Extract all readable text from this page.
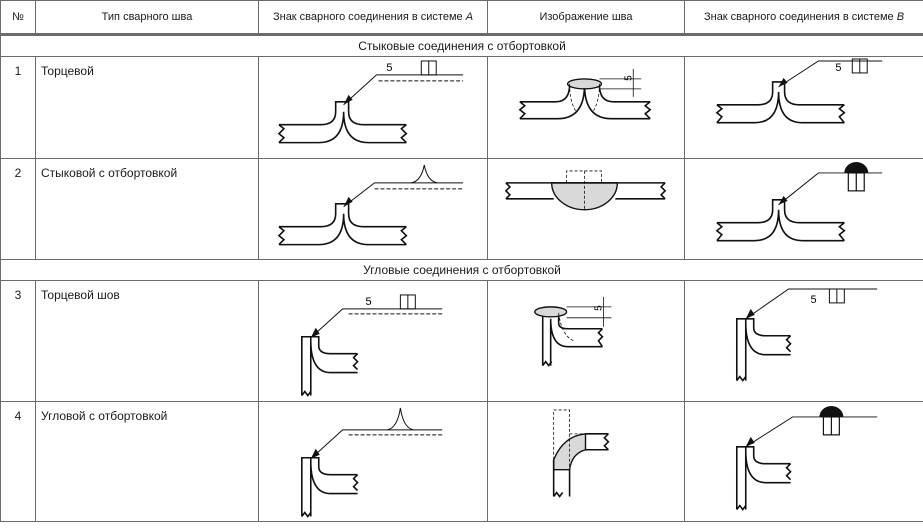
№	Тип сварного шва	Знак сварного соединения в системе A	Изображение шва	Знак сварного соединения в системе B

Стыковые соединения с отбортовкой				
1	Торцевой	5	5	5

2	Стыковой с отбортовкой	

Угловые соединения с отбортовкой				
3	Торцевой шов	5	5	5

4	Угловой с отбортовкой	
